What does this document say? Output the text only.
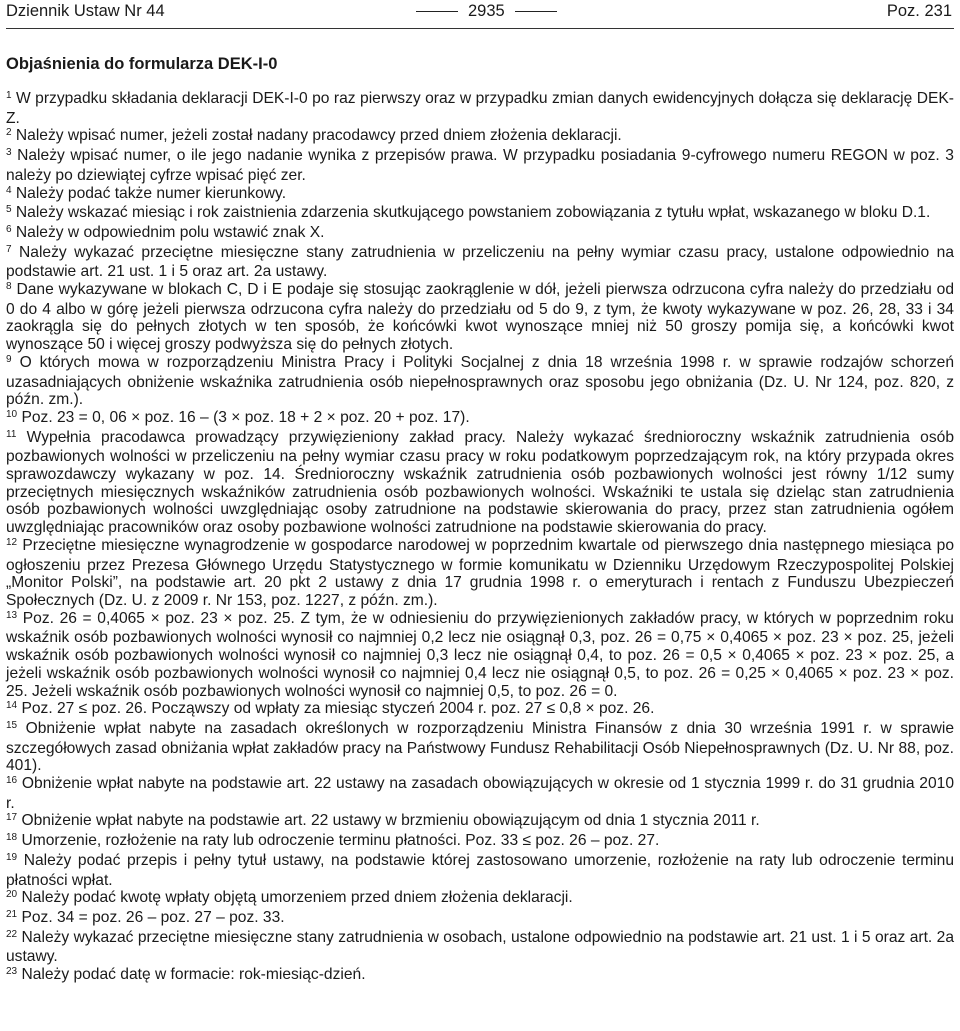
Dziennik Ustaw Nr 44	2935	Poz. 231
Objaśnienia do formularza DEK-I-0

$^1$ W przypadku składania deklaracji DEK-I-0 po raz pierwszy oraz w przypadku zmian danych ewidencyjnych dołącza się deklarację DEK-Z.

$^2$ Należy wpisać numer, jeżeli został nadany pracodawcy przed dniem złożenia deklaracji.

$^3$ Należy wpisać numer, o ile jego nadanie wynika z przepisów prawa. W przypadku posiadania 9-cyfrowego numeru REGON w poz. 3 należy po dziewiątej cyfrze wpisać pięć zer.

$^4$ Należy podać także numer kierunkowy.

$^5$ Należy wskazać miesiąc i rok zaistnienia zdarzenia skutkującego powstaniem zobowiązania z tytułu wpłat, wskazanego w bloku D.1.

$^6$ Należy w odpowiednim polu wstawić znak X.

$^7$ Należy wykazać przeciętne miesięczne stany zatrudnienia w przeliczeniu na pełny wymiar czasu pracy, ustalone odpowiednio na podstawie art. 21 ust. 1 i 5 oraz art. 2a ustawy.

$^8$ Dane wykazywane w blokach C, D i E podaje się stosując zaokrąglenie w dół, jeżeli pierwsza odrzucona cyfra należy do przedziału od 0 do 4 albo w górę jeżeli pierwsza odrzucona cyfra należy do przedziału od 5 do 9, z tym, że kwoty wykazywane w poz. 26, 28, 33 i 34 zaokrągla się do pełnych złotych w ten sposób, że końcówki kwot wynoszące mniej niż 50 groszy pomija się, a końcówki kwot wynoszące 50 i więcej groszy podwyższa się do pełnych złotych.

$^9$ O których mowa w rozporządzeniu Ministra Pracy i Polityki Socjalnej z dnia 18 września 1998 r. w sprawie rodzajów schorzeń uzasadniających obniżenie wskaźnika zatrudnienia osób niepełnosprawnych oraz sposobu jego obniżania (Dz. U. Nr 124, poz. 820, z późn. zm.).

$^{10}$ Poz. 23 = 0, 06 × poz. 16 – (3 × poz. 18 + 2 × poz. 20 + poz. 17).

$^{11}$ Wypełnia pracodawca prowadzący przywięzieniony zakład pracy. Należy wykazać średnioroczny wskaźnik zatrudnienia osób pozbawionych wolności w przeliczeniu na pełny wymiar czasu pracy w roku podatkowym poprzedzającym rok, na który przypada okres sprawozdawczy wykazany w poz. 14. Średnioroczny wskaźnik zatrudnienia osób pozbawionych wolności jest równy 1/12 sumy przeciętnych miesięcznych wskaźników zatrudnienia osób pozbawionych wolności. Wskaźniki te ustala się dzieląc stan zatrudnienia osób pozbawionych wolności uwzględniając osoby zatrudnione na podstawie skierowania do pracy, przez stan zatrudnienia ogółem uwzględniając pracowników oraz osoby pozbawione wolności zatrudnione na podstawie skierowania do pracy.

$^{12}$ Przeciętne miesięczne wynagrodzenie w gospodarce narodowej w poprzednim kwartale od pierwszego dnia następnego miesiąca po ogłoszeniu przez Prezesa Głównego Urzędu Statystycznego w formie komunikatu w Dzienniku Urzędowym Rzeczypospolitej Polskiej „Monitor Polski”, na podstawie art. 20 pkt 2 ustawy z dnia 17 grudnia 1998 r. o emeryturach i rentach z Funduszu Ubezpieczeń Społecznych (Dz. U. z 2009 r. Nr 153, poz. 1227, z późn. zm.).

$^{13}$ Poz. 26 = 0,4065 × poz. 23 × poz. 25. Z tym, że w odniesieniu do przywięzienionych zakładów pracy, w których w poprzednim roku wskaźnik osób pozbawionych wolności wynosił co najmniej 0,2 lecz nie osiągnął 0,3, poz. 26 = 0,75 × 0,4065 × poz. 23 × poz. 25, jeżeli wskaźnik osób pozbawionych wolności wynosił co najmniej 0,3 lecz nie osiągnął 0,4, to poz. 26 = 0,5 × 0,4065 × poz. 23 × poz. 25, a jeżeli wskaźnik osób pozbawionych wolności wynosił co najmniej 0,4 lecz nie osiągnął 0,5, to poz. 26 = 0,25 × 0,4065 × poz. 23 × poz. 25. Jeżeli wskaźnik osób pozbawionych wolności wynosił co najmniej 0,5, to poz. 26 = 0.

$^{14}$ Poz. 27 ≤ poz. 26. Począwszy od wpłaty za miesiąc styczeń 2004 r. poz. 27 ≤ 0,8 × poz. 26.

$^{15}$ Obniżenie wpłat nabyte na zasadach określonych w rozporządzeniu Ministra Finansów z dnia 30 września 1991 r. w sprawie szczegółowych zasad obniżania wpłat zakładów pracy na Państwowy Fundusz Rehabilitacji Osób Niepełnosprawnych (Dz. U. Nr 88, poz. 401).

$^{16}$ Obniżenie wpłat nabyte na podstawie art. 22 ustawy na zasadach obowiązujących w okresie od 1 stycznia 1999 r. do 31 grudnia 2010 r.

$^{17}$ Obniżenie wpłat nabyte na podstawie art. 22 ustawy w brzmieniu obowiązującym od dnia 1 stycznia 2011 r.

$^{18}$ Umorzenie, rozłożenie na raty lub odroczenie terminu płatności. Poz. 33 ≤ poz. 26 – poz. 27.

$^{19}$ Należy podać przepis i pełny tytuł ustawy, na podstawie której zastosowano umorzenie, rozłożenie na raty lub odroczenie terminu płatności wpłat.

$^{20}$ Należy podać kwotę wpłaty objętą umorzeniem przed dniem złożenia deklaracji.

$^{21}$ Poz. 34 = poz. 26 – poz. 27 – poz. 33.

$^{22}$ Należy wykazać przeciętne miesięczne stany zatrudnienia w osobach, ustalone odpowiednio na podstawie art. 21 ust. 1 i 5 oraz art. 2a ustawy.

$^{23}$ Należy podać datę w formacie: rok-miesiąc-dzień.
